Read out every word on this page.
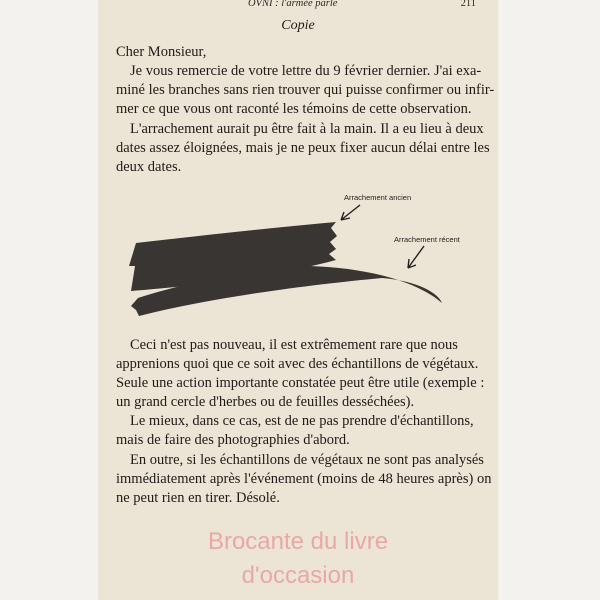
OVNI : l'armée parle	211
Copie
Cher Monsieur,
Je vous remercie de votre lettre du 9 février dernier. J'ai exa-
miné les branches sans rien trouver qui puisse confirmer ou infir-
mer ce que vous ont raconté les témoins de cette observation.
L'arrachement aurait pu être fait à la main. Il a eu lieu à deux
dates assez éloignées, mais je ne peux fixer aucun délai entre les
deux dates.
Arrachement ancien
Arrachement récent
Ceci n'est pas nouveau, il est extrêmement rare que nous
apprenions quoi que ce soit avec des échantillons de végétaux.
Seule une action importante constatée peut être utile (exemple :
un grand cercle d'herbes ou de feuilles desséchées).
Le mieux, dans ce cas, est de ne pas prendre d'échantillons,
mais de faire des photographies d'abord.
En outre, si les échantillons de végétaux ne sont pas analysés
immédiatement après l'événement (moins de 48 heures après) on
ne peut rien en tirer. Désolé.
Brocante du livre
d'occasion
